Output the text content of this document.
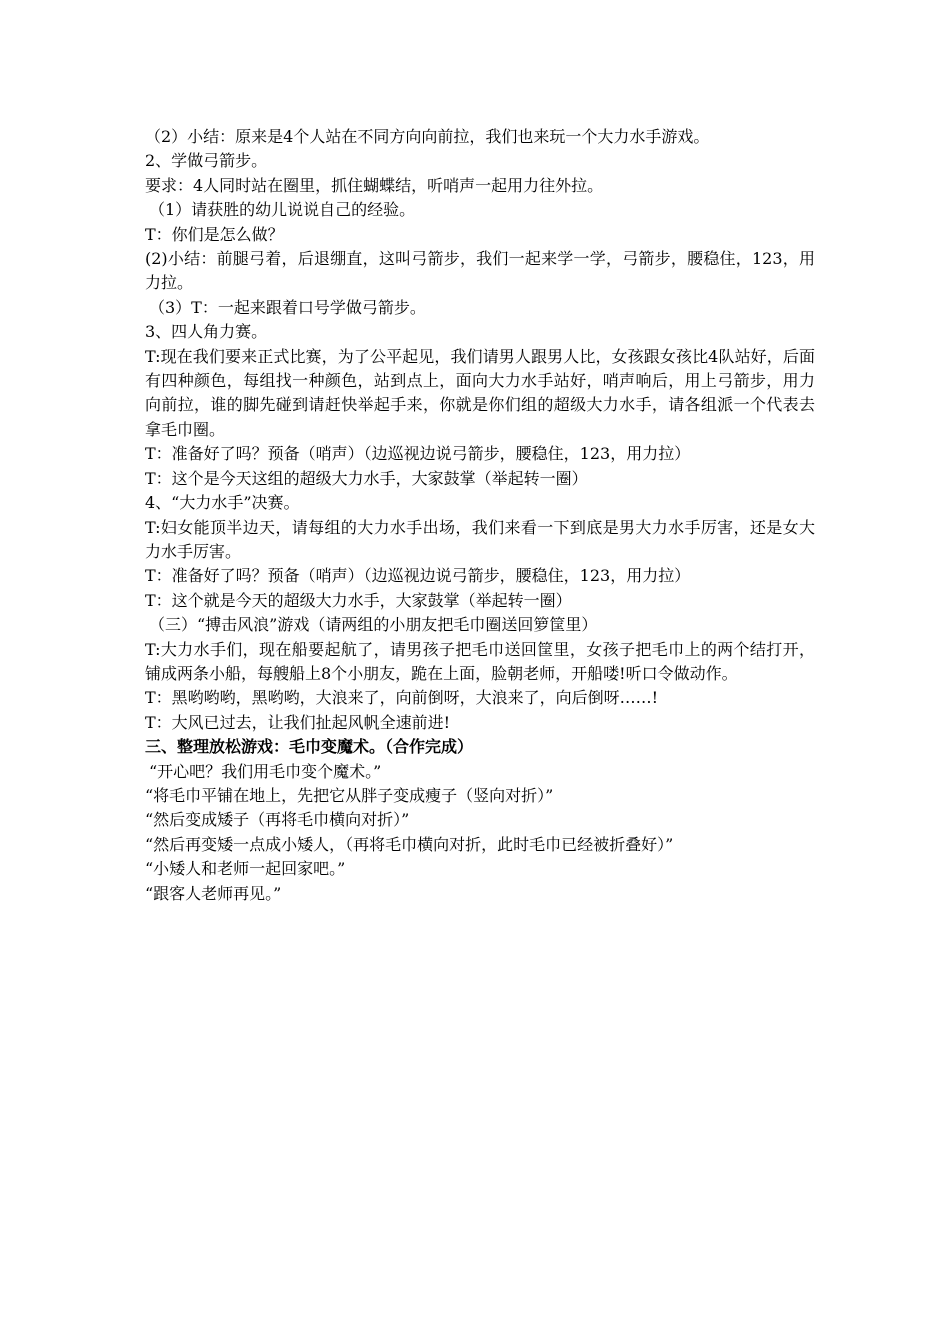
（2）小结：原来是4个人站在不同方向向前拉，我们也来玩一个大力水手游戏。

2、学做弓箭步。

要求：4人同时站在圈里，抓住蝴蝶结，听哨声一起用力往外拉。

（1）请获胜的幼儿说说自己的经验。

T：你们是怎么做？

(2)小结：前腿弓着，后退绷直，这叫弓箭步，我们一起来学一学，弓箭步，腰稳住，123，用力拉。

（3）T：一起来跟着口号学做弓箭步。

3、四人角力赛。

T:现在我们要来正式比赛，为了公平起见，我们请男人跟男人比，女孩跟女孩比4队站好，后面有四种颜色，每组找一种颜色，站到点上，面向大力水手站好，哨声响后，用上弓箭步，用力向前拉，谁的脚先碰到请赶快举起手来，你就是你们组的超级大力水手，请各组派一个代表去拿毛巾圈。

T：准备好了吗？预备（哨声）（边巡视边说弓箭步，腰稳住，123，用力拉）

T：这个是今天这组的超级大力水手，大家鼓掌（举起转一圈）

4、“大力水手”决赛。

T:妇女能顶半边天，请每组的大力水手出场，我们来看一下到底是男大力水手厉害，还是女大力水手厉害。

T：准备好了吗？预备（哨声）（边巡视边说弓箭步，腰稳住，123，用力拉）

T：这个就是今天的超级大力水手，大家鼓掌（举起转一圈）

（三）“搏击风浪”游戏（请两组的小朋友把毛巾圈送回箩筐里）

T:大力水手们，现在船要起航了，请男孩子把毛巾送回筐里，女孩子把毛巾上的两个结打开，铺成两条小船，每艘船上8个小朋友，跪在上面，脸朝老师，开船喽!听口令做动作。

T：黑哟哟哟，黑哟哟，大浪来了，向前倒呀，大浪来了，向后倒呀……!

T：大风已过去，让我们扯起风帆全速前进!

三、整理放松游戏：毛巾变魔术。（合作完成）

“开心吧？我们用毛巾变个魔术。”

“将毛巾平铺在地上，先把它从胖子变成瘦子（竖向对折）”

“然后变成矮子（再将毛巾横向对折）”

“然后再变矮一点成小矮人，（再将毛巾横向对折，此时毛巾已经被折叠好）”

“小矮人和老师一起回家吧。”

“跟客人老师再见。”
